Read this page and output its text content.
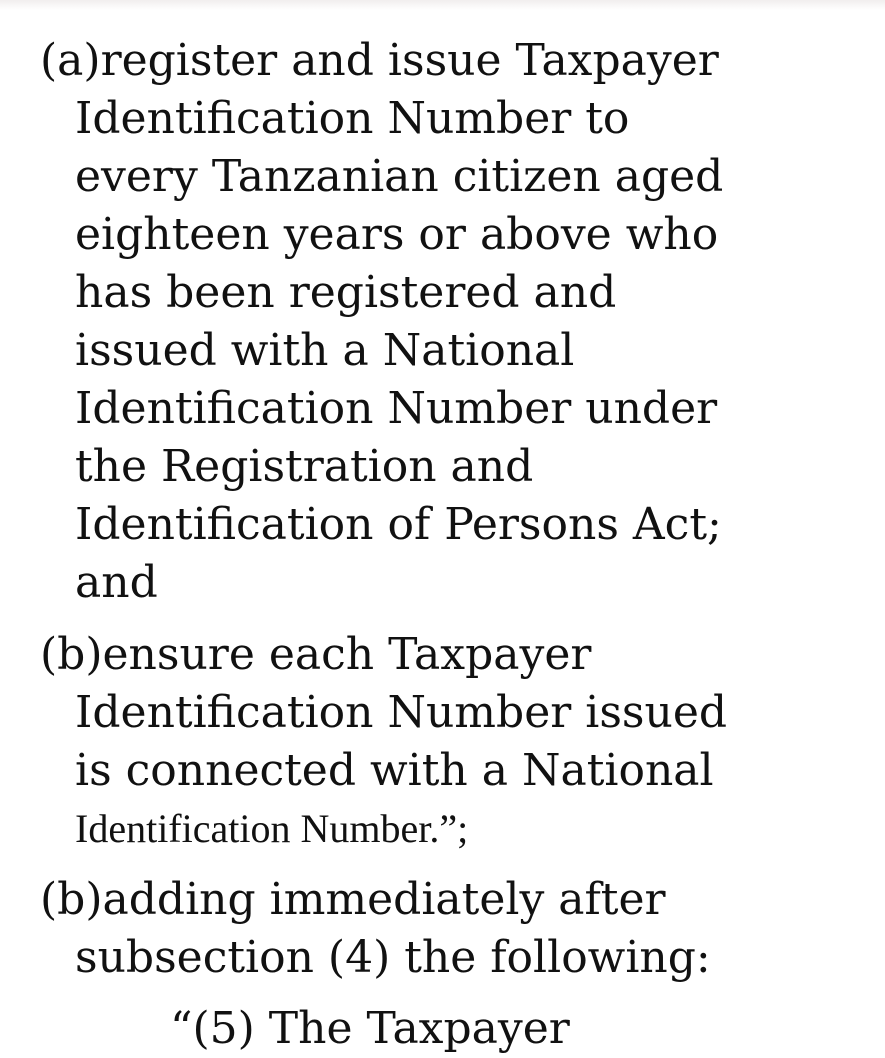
(a)register and issue Taxpayer
Identification Number to
every Tanzanian citizen aged
eighteen years or above who
has been registered and
issued with a National
Identification Number under
the Registration and
Identification of Persons Act;
and
(b)ensure each Taxpayer
Identification Number issued
is connected with a National
Identification Number.”;
(b)adding immediately after
subsection (4) the following:
“(5) The Taxpayer
